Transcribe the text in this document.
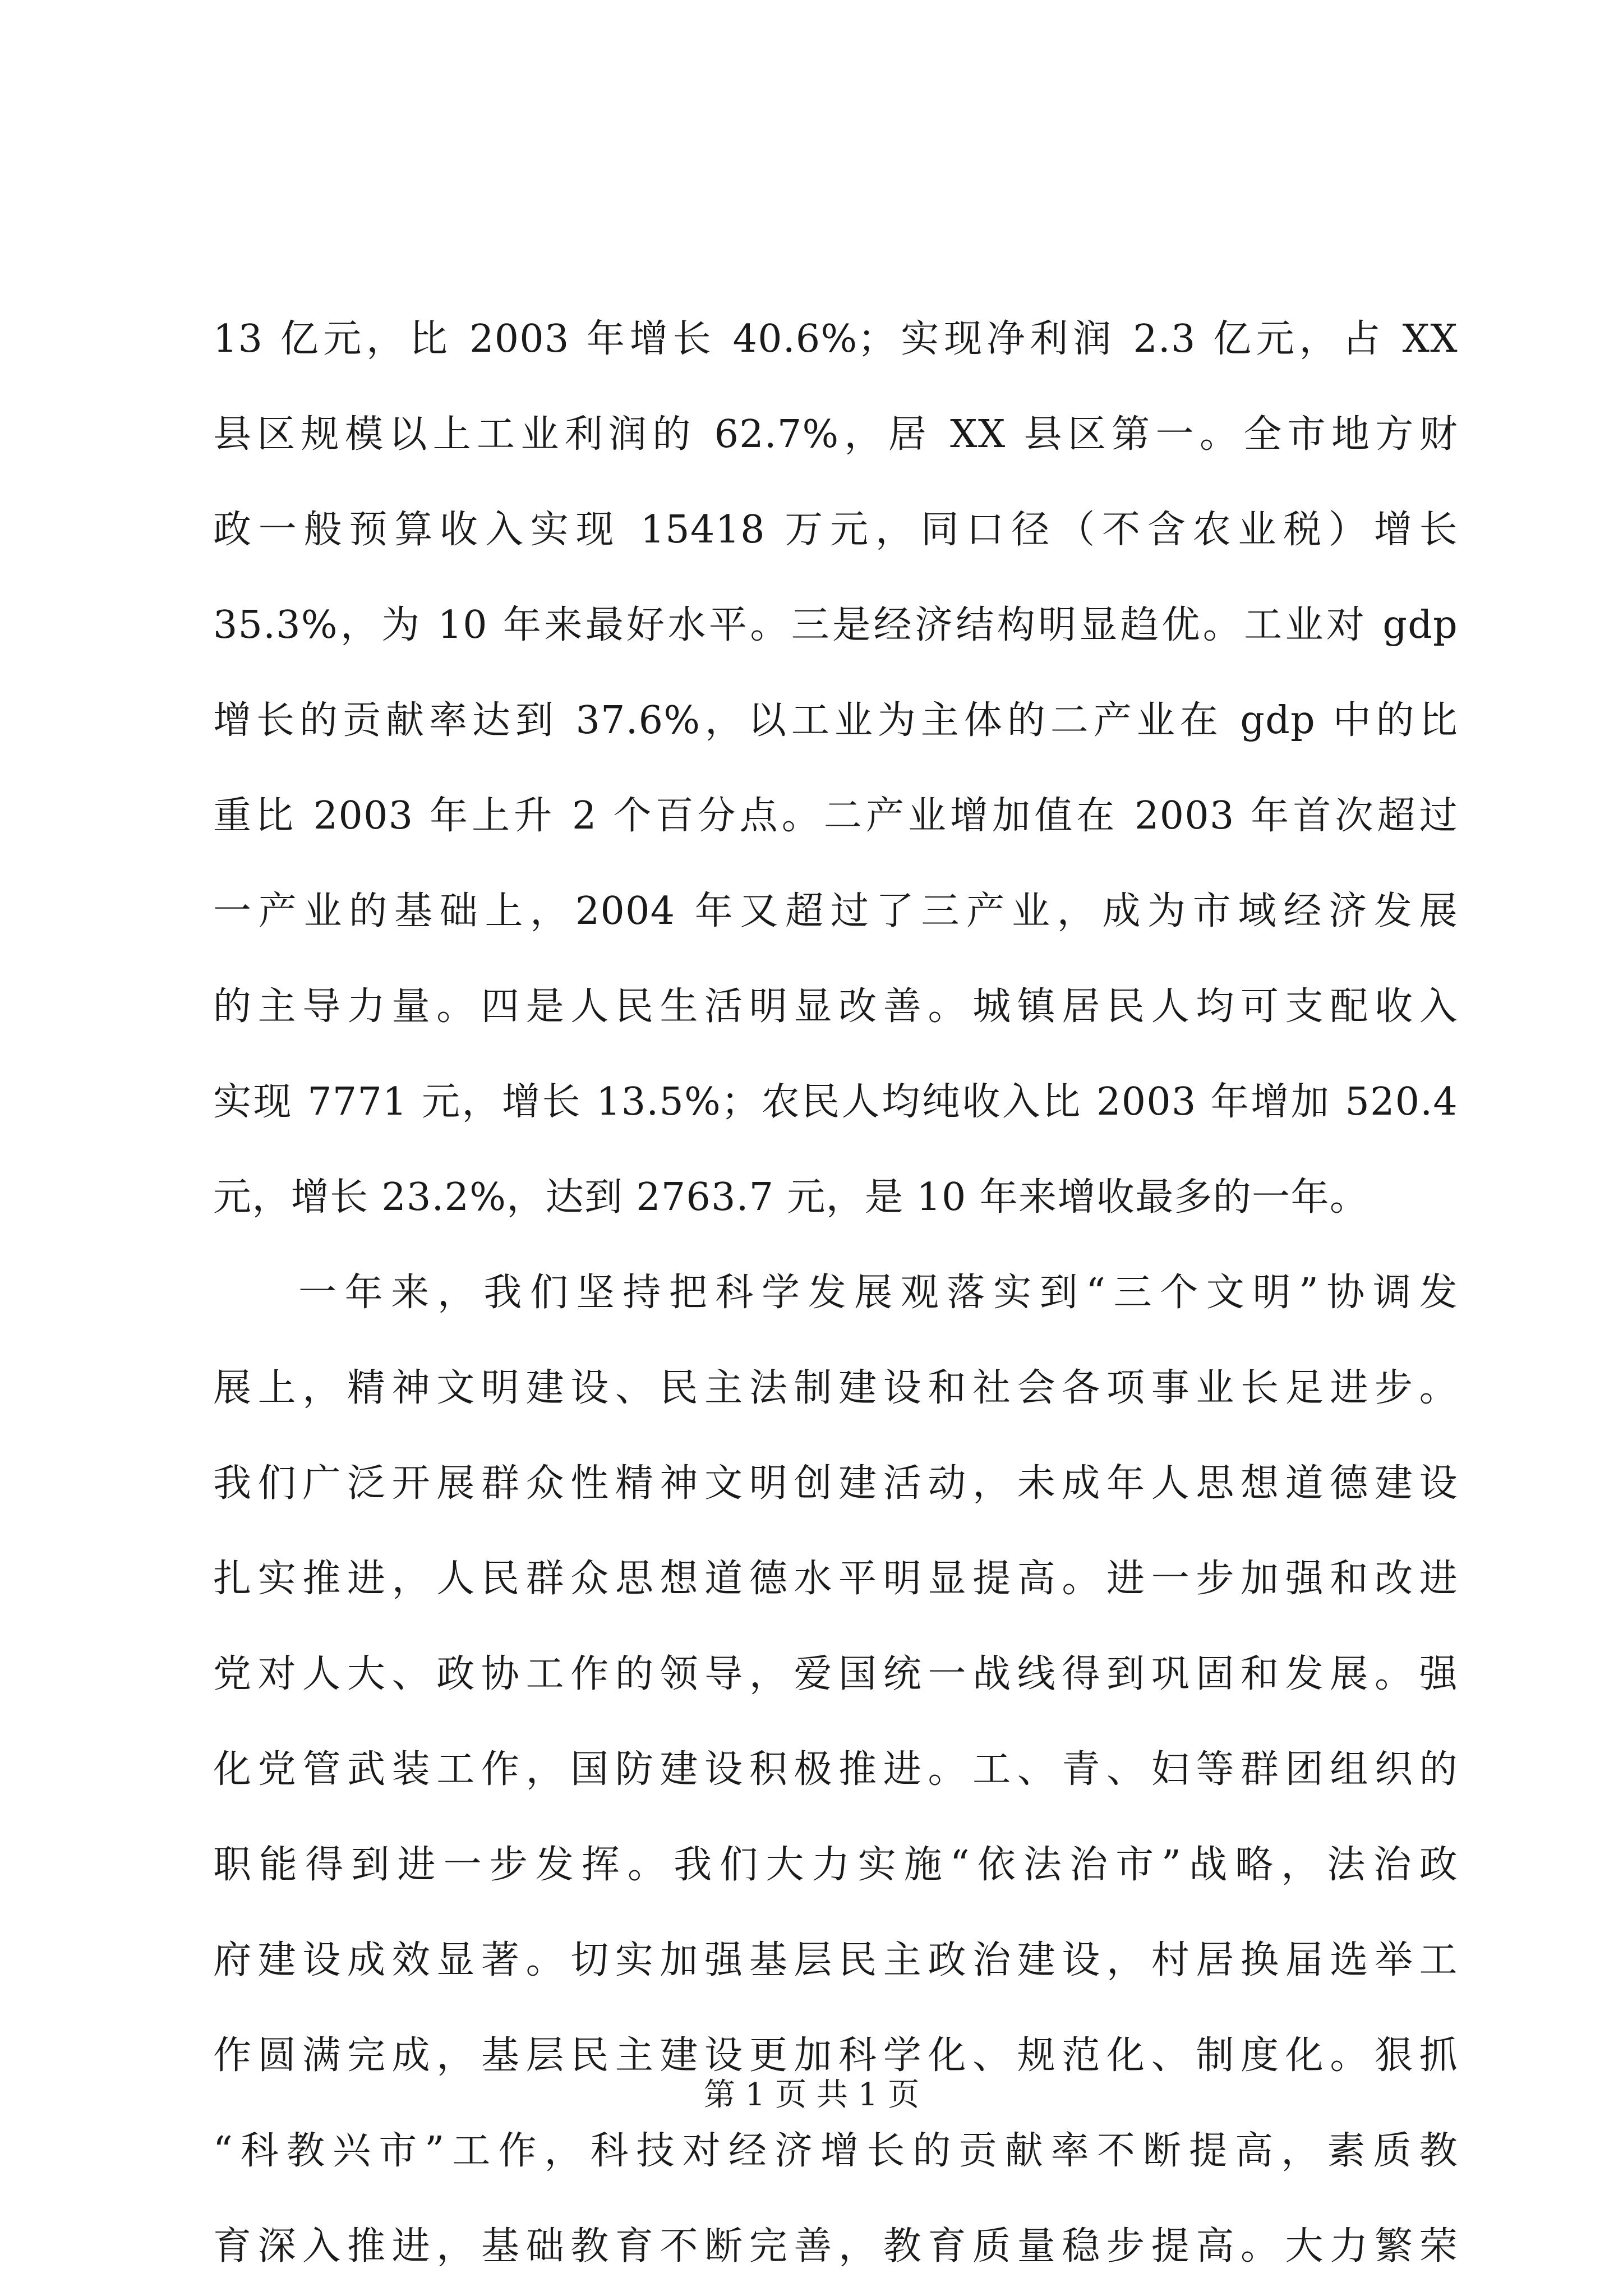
13 亿元，比 2003 年增长 40.6%；实现净利润 2.3 亿元，占 XX
县区规模以上工业利润的 62.7%，居 XX 县区第一。全市地方财
政一般预算收入实现 15418 万元，同口径（不含农业税）增长
35.3%，为 10 年来最好水平。三是经济结构明显趋优。工业对 gdp
增长的贡献率达到 37.6%，以工业为主体的二产业在 gdp 中的比
重比 2003 年上升 2 个百分点。二产业增加值在 2003 年首次超过
一产业的基础上，2004 年又超过了三产业，成为市域经济发展
的主导力量。四是人民生活明显改善。城镇居民人均可支配收入
实现 7771 元，增长 13.5%；农民人均纯收入比 2003 年增加 520.4
元，增长 23.2%，达到 2763.7 元，是 10 年来增收最多的一年。
一年来，我们坚持把科学发展观落实到“三个文明”协调发
展上，精神文明建设、民主法制建设和社会各项事业长足进步。
我们广泛开展群众性精神文明创建活动，未成年人思想道德建设
扎实推进，人民群众思想道德水平明显提高。进一步加强和改进
党对人大、政协工作的领导，爱国统一战线得到巩固和发展。强
化党管武装工作，国防建设积极推进。工、青、妇等群团组织的
职能得到进一步发挥。我们大力实施“依法治市”战略，法治政
府建设成效显著。切实加强基层民主政治建设，村居换届选举工
作圆满完成，基层民主建设更加科学化、规范化、制度化。狠抓
“科教兴市”工作，科技对经济增长的贡献率不断提高，素质教
育深入推进，基础教育不断完善，教育质量稳步提高。大力繁荣
第 1 页 共 1 页
